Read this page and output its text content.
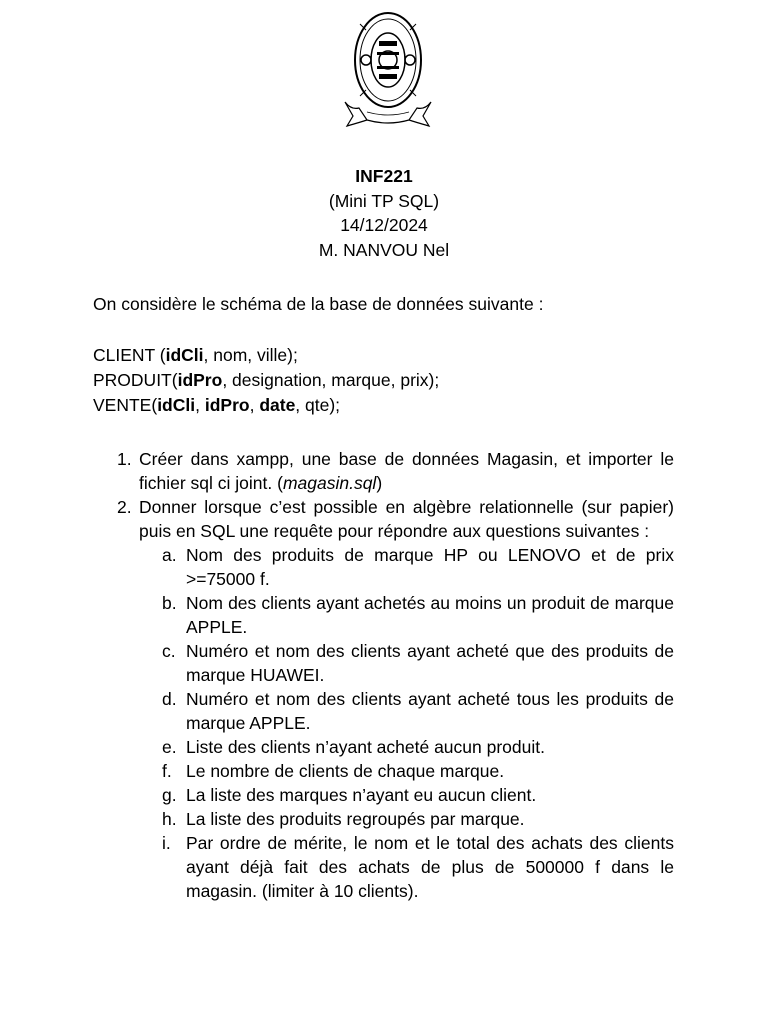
INF221
(Mini TP SQL)
14/12/2024
M. NANVOU Nel
On considère le schéma de la base de données suivante :
CLIENT (idCli, nom, ville);
PRODUIT(idPro, designation, marque, prix);
VENTE(idCli, idPro, date, qte);
1. Créer dans xampp, une base de données Magasin, et importer le fichier sql ci joint. (magasin.sql)
2. Donner lorsque c’est possible en algèbre relationnelle (sur papier) puis en SQL une requête pour répondre aux questions suivantes :
a. Nom des produits de marque HP ou LENOVO et de prix >=75000 f.
b. Nom des clients ayant achetés au moins un produit de marque APPLE.
c. Numéro et nom des clients ayant acheté que des produits de marque HUAWEI.
d. Numéro et nom des clients ayant acheté tous les produits de marque APPLE.
e. Liste des clients n’ayant acheté aucun produit.
f. Le nombre de clients de chaque marque.
g. La liste des marques n’ayant eu aucun client.
h. La liste des produits regroupés par marque.
i. Par ordre de mérite, le nom et le total des achats des clients ayant déjà fait des achats de plus de 500000 f dans le magasin. (limiter à 10 clients).
